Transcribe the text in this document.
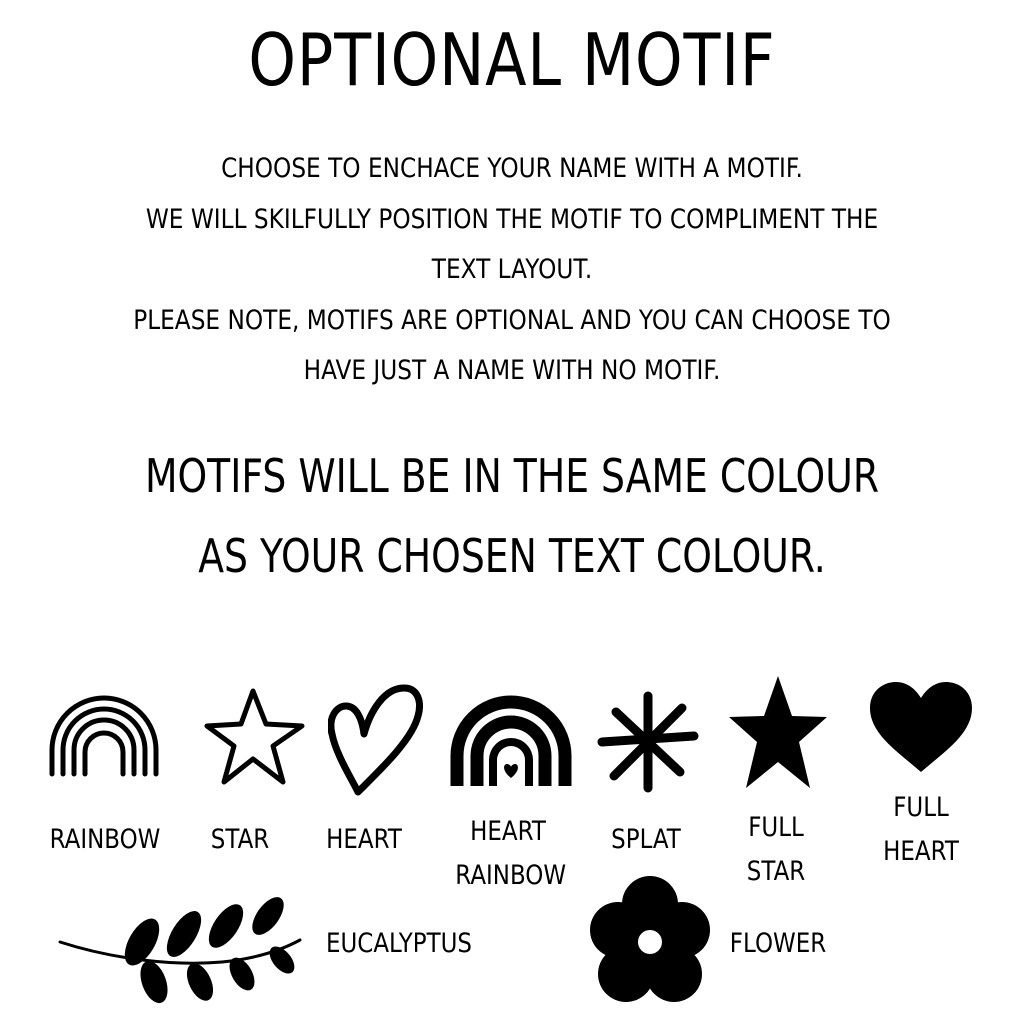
OPTIONAL MOTIF
CHOOSE TO ENCHACE YOUR NAME WITH A MOTIF.
WE WILL SKILFULLY POSITION THE MOTIF TO COMPLIMENT THE
TEXT LAYOUT.
PLEASE NOTE, MOTIFS ARE OPTIONAL AND YOU CAN CHOOSE TO
HAVE JUST A NAME WITH NO MOTIF.
MOTIFS WILL BE IN THE SAME COLOUR
AS YOUR CHOSEN TEXT COLOUR.
RAINBOW	STAR	HEART	HEART
RAINBOW
SPLAT FULL
STAR
FULL
HEART
EUCALYPTUS	FLOWER
